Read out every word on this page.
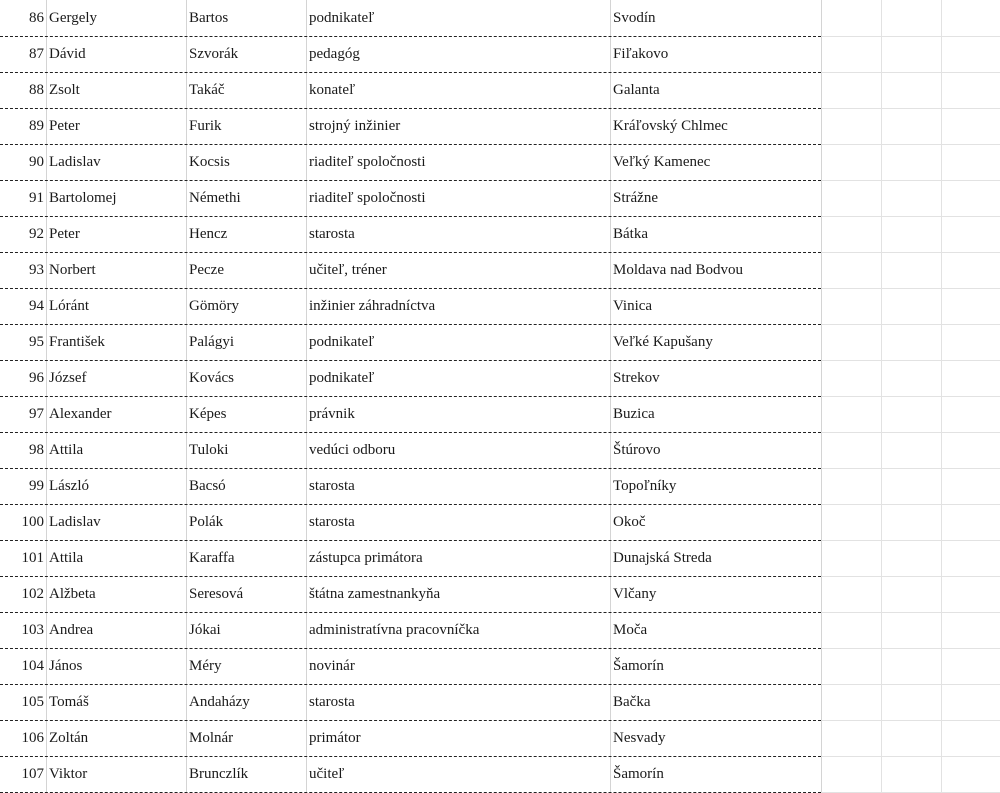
86 Gergely	Bartos	podnikateľ	Svodín
87 Dávid	Szvorák	pedagóg	Fiľakovo
88 Zsolt	Takáč	konateľ	Galanta
89 Peter	Furik	strojný inžinier	Kráľovský Chlmec
90 Ladislav	Kocsis	riaditeľ spoločnosti	Veľký Kamenec
91 Bartolomej	Némethi	riaditeľ spoločnosti	Strážne
92 Peter	Hencz	starosta	Bátka
93 Norbert	Pecze	učiteľ, tréner	Moldava nad Bodvou
94 Lóránt	Gömöry	inžinier záhradníctva	Vinica
95 František	Palágyi	podnikateľ	Veľké Kapušany
96 József	Kovács	podnikateľ	Strekov
97 Alexander	Képes	právnik	Buzica
98 Attila	Tuloki	vedúci odboru	Štúrovo
99 László	Bacsó	starosta	Topoľníky
100 Ladislav	Polák	starosta	Okoč
101 Attila	Karaffa	zástupca primátora	Dunajská Streda
102 Alžbeta	Seresová	štátna zamestnankyňa	Vlčany
103 Andrea	Jókai	administratívna pracovníčka	Moča
104 János	Méry	novinár	Šamorín
105 Tomáš	Andaházy	starosta	Bačka
106 Zoltán	Molnár	primátor	Nesvady
107 Viktor	Brunczlík	učiteľ	Šamorín
